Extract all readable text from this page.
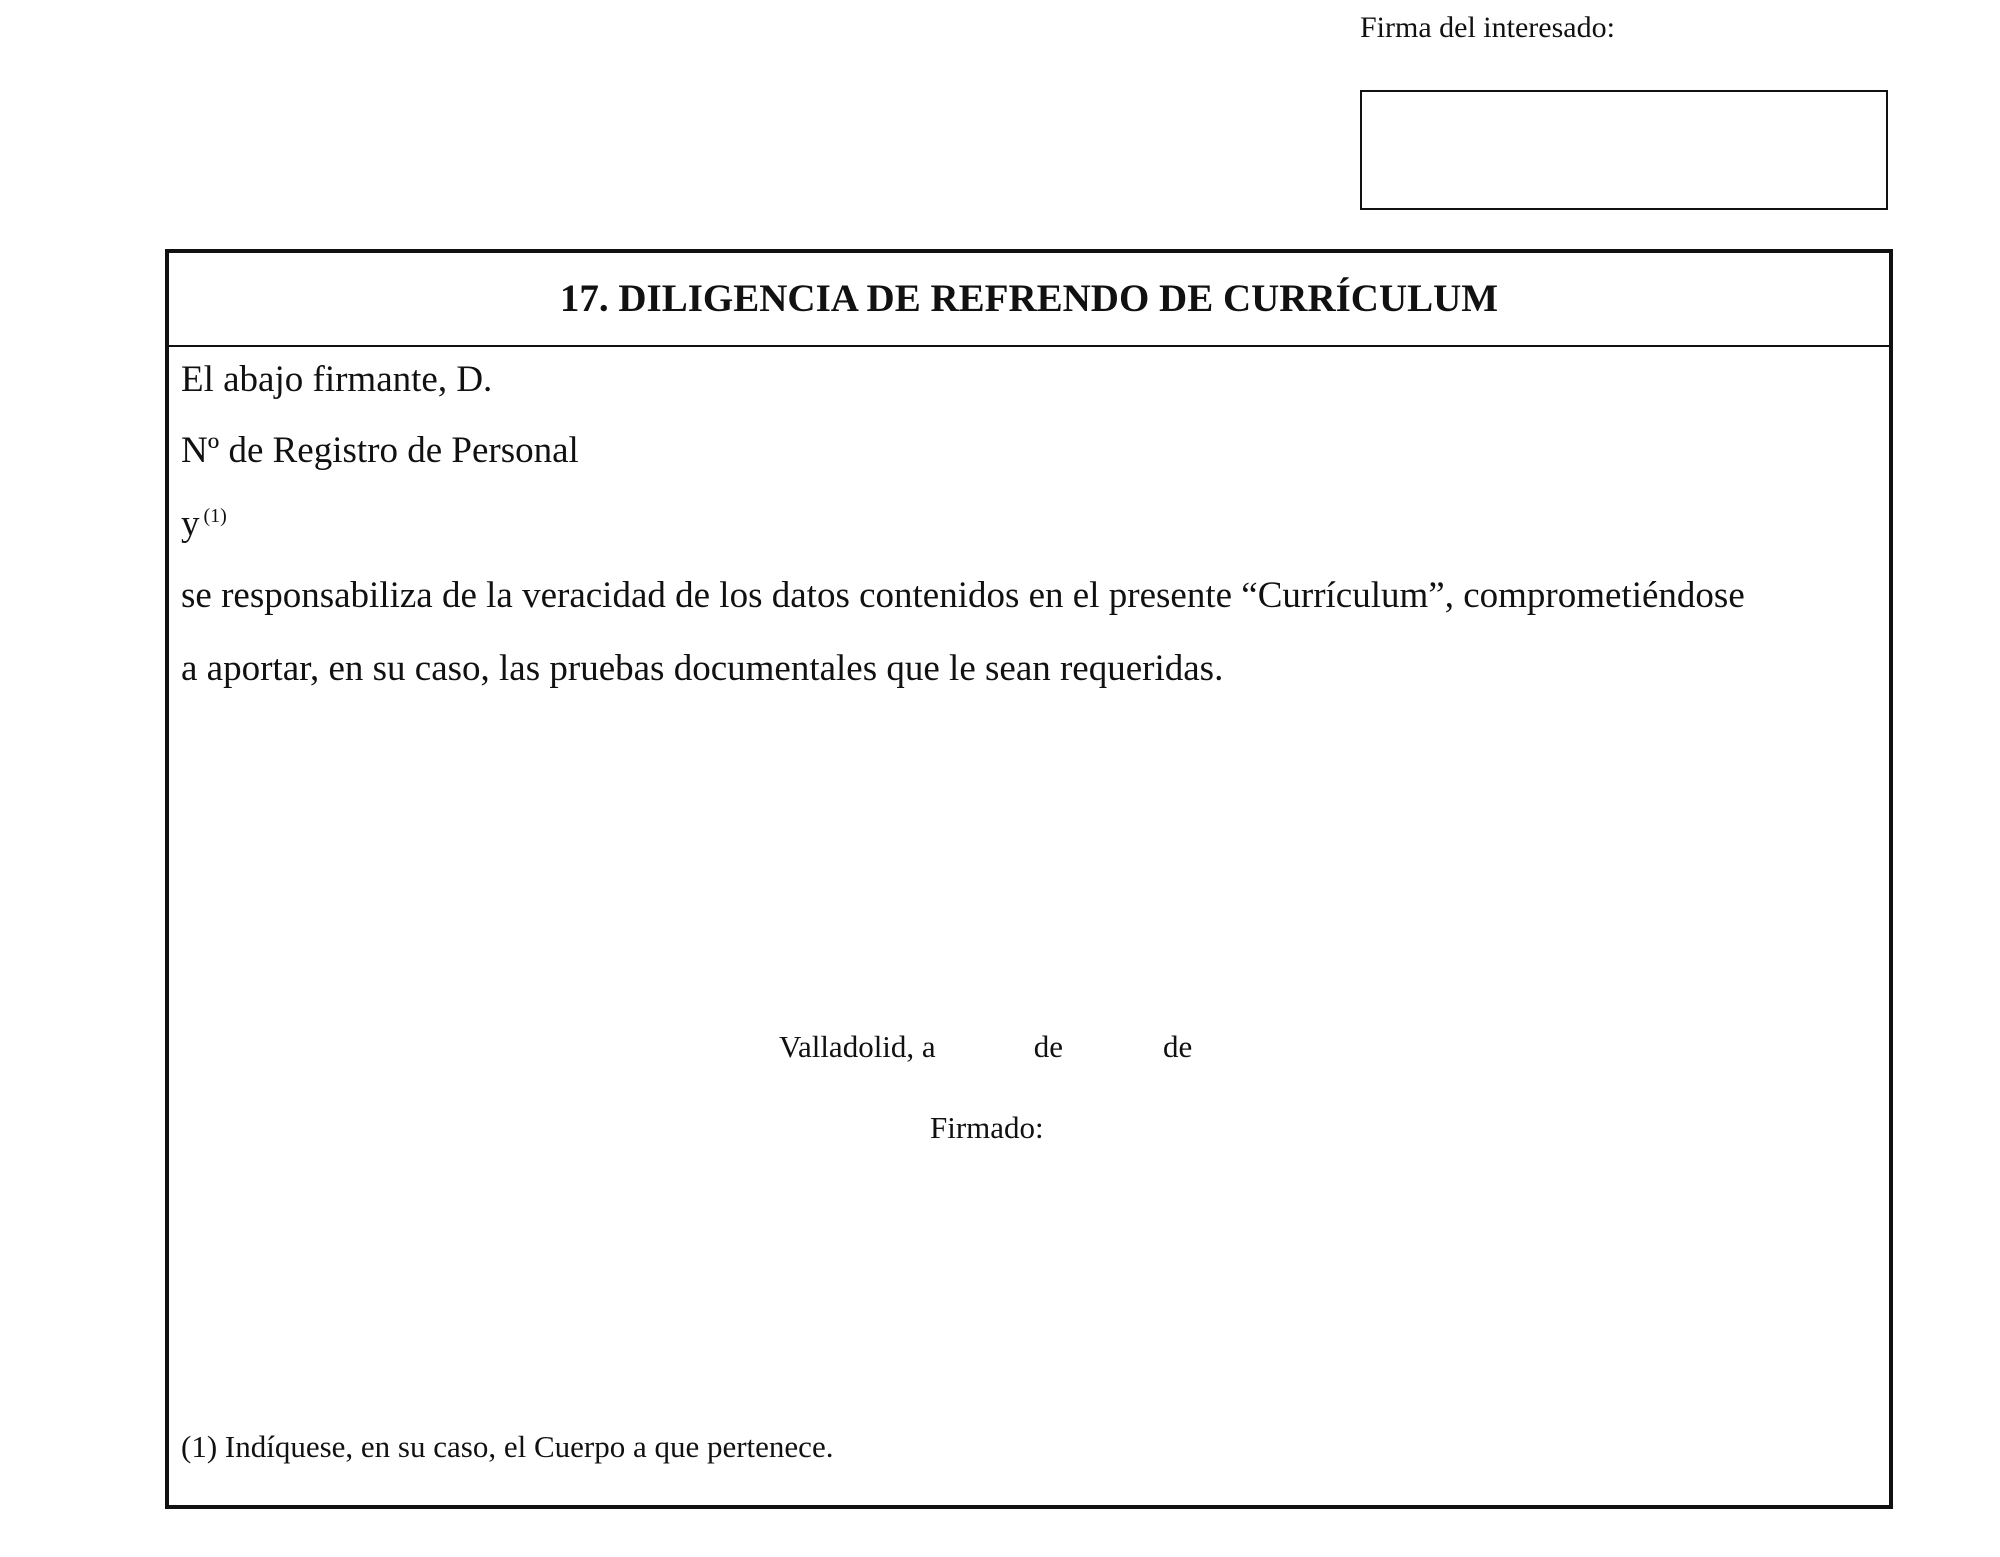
Firma del interesado:
17. DILIGENCIA DE REFRENDO DE CURRÍCULUM
El abajo firmante, D.
Nº de Registro de Personal
y $^{(1)}$
se responsabiliza de la veracidad de los datos contenidos en el presente “Currículum”, comprometiéndose
a aportar, en su caso, las pruebas documentales que le sean requeridas.
Valladolid, a	de	de
Firmado:
(1) Indíquese, en su caso, el Cuerpo a que pertenece.
